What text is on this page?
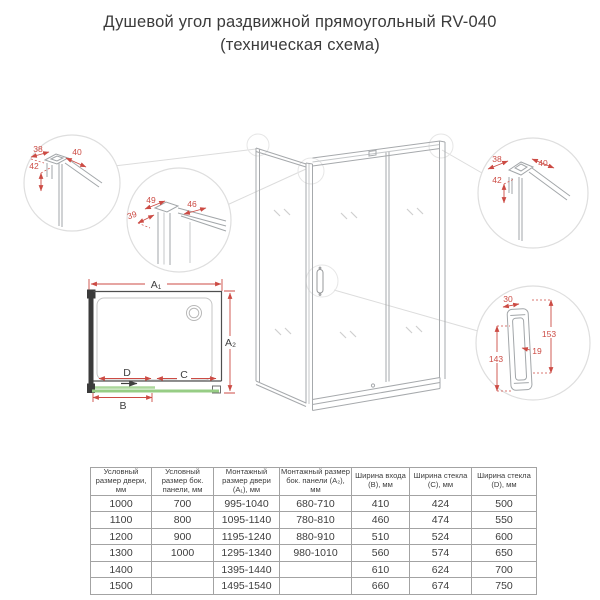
Душевой угол раздвижной прямоугольный RV-040
(техническая схема)
38	40
42
49	46
39
38	40
42
30
153
19
143
A₁
A₂
D	C
B
Условный размер двери, мм	Условный размер бок. панели, мм	Монтажный размер двери (A₁), мм	Монтажный размер бок. панели (A₂), мм	Ширина входа (B), мм	Ширина стекла (C), мм	Ширина стекла (D), мм
1000	700	995-1040	680-710	410	424	500
1100	800	1095-1140	780-810	460	474	550
1200	900	1195-1240	880-910	510	524	600
1300	1000	1295-1340	980-1010	560	574	650
1400		1395-1440		610	624	700
1500		1495-1540		660	674	750
